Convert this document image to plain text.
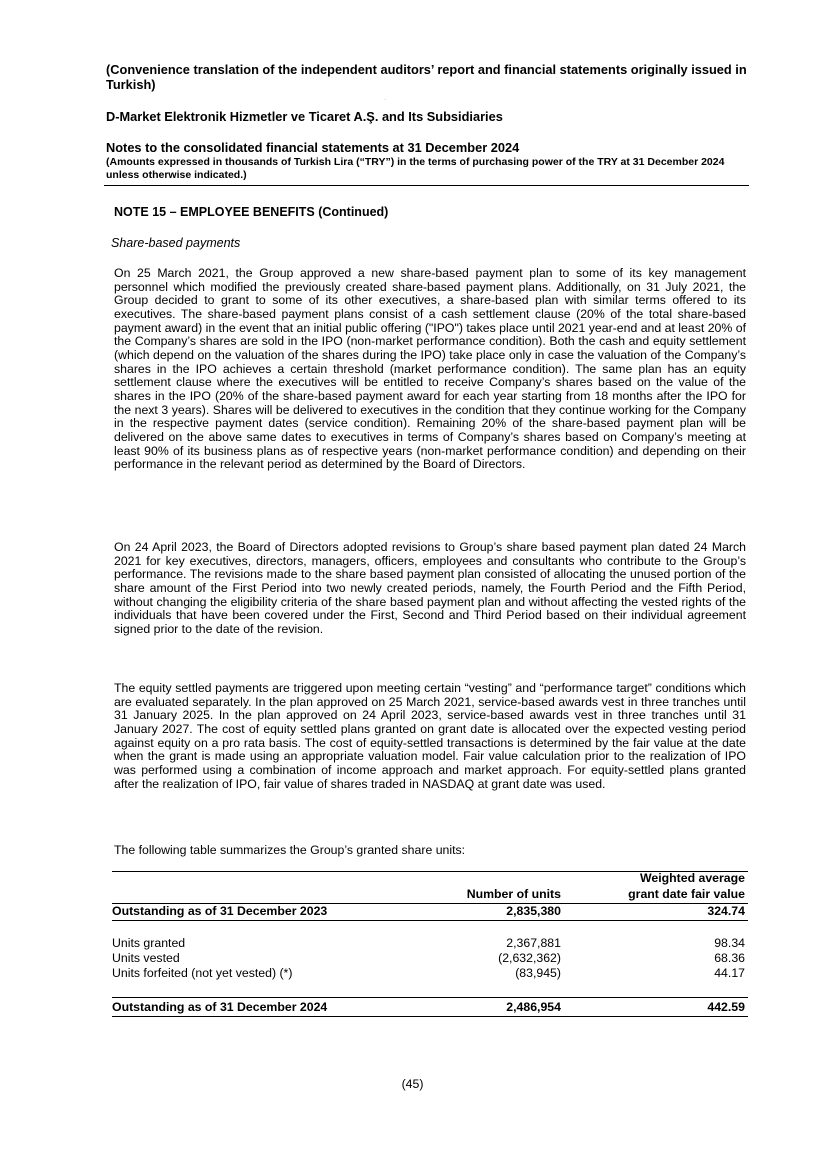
(Convenience translation of the independent auditors’ report and financial statements originally issued in Turkish)
·
D-Market Elektronik Hizmetler ve Ticaret A.Ş. and Its Subsidiaries
Notes to the consolidated financial statements at 31 December 2024
(Amounts expressed in thousands of Turkish Lira (“TRY”) in the terms of purchasing power of the TRY at 31 December 2024 unless otherwise indicated.)
NOTE 15 – EMPLOYEE BENEFITS (Continued)
Share-based payments
On 25 March 2021, the Group approved a new share-based payment plan to some of its key management personnel which modified the previously created share-based payment plans. Additionally, on 31 July 2021, the Group decided to grant to some of its other executives, a share-based plan with similar terms offered to its executives. The share-based payment plans consist of a cash settlement clause (20% of the total share-based payment award) in the event that an initial public offering ("IPO") takes place until 2021 year-end and at least 20% of the Company’s shares are sold in the IPO (non-market performance condition). Both the cash and equity settlement (which depend on the valuation of the shares during the IPO) take place only in case the valuation of the Company’s shares in the IPO achieves a certain threshold (market performance condition). The same plan has an equity settlement clause where the executives will be entitled to receive Company’s shares based on the value of the shares in the IPO (20% of the share-based payment award for each year starting from 18 months after the IPO for the next 3 years). Shares will be delivered to executives in the condition that they continue working for the Company in the respective payment dates (service condition). Remaining 20% of the share-based payment plan will be delivered on the above same dates to executives in terms of Company’s shares based on Company’s meeting at least 90% of its business plans as of respective years (non-market performance condition) and depending on their performance in the relevant period as determined by the Board of Directors.
On 24 April 2023, the Board of Directors adopted revisions to Group’s share based payment plan dated 24 March 2021 for key executives, directors, managers, officers, employees and consultants who contribute to the Group’s performance. The revisions made to the share based payment plan consisted of allocating the unused portion of the share amount of the First Period into two newly created periods, namely, the Fourth Period and the Fifth Period, without changing the eligibility criteria of the share based payment plan and without affecting the vested rights of the individuals that have been covered under the First, Second and Third Period based on their individual agreement signed prior to the date of the revision.
The equity settled payments are triggered upon meeting certain “vesting” and “performance target” conditions which are evaluated separately. In the plan approved on 25 March 2021, service-based awards vest in three tranches until 31 January 2025. In the plan approved on 24 April 2023, service-based awards vest in three tranches until 31 January 2027. The cost of equity settled plans granted on grant date is allocated over the expected vesting period against equity on a pro rata basis. The cost of equity-settled transactions is determined by the fair value at the date when the grant is made using an appropriate valuation model. Fair value calculation prior to the realization of IPO was performed using a combination of income approach and market approach. For equity-settled plans granted after the realization of IPO, fair value of shares traded in NASDAQ at grant date was used.
The following table summarizes the Group’s granted share units:
Weighted average
Number of units	grant date fair value
Outstanding as of 31 December 2023	2,835,380	324.74
Units granted	2,367,881	98.34
Units vested	(2,632,362)	68.36
Units forfeited (not yet vested) (*)	(83,945)	44.17
Outstanding as of 31 December 2024	2,486,954	442.59
(45)
